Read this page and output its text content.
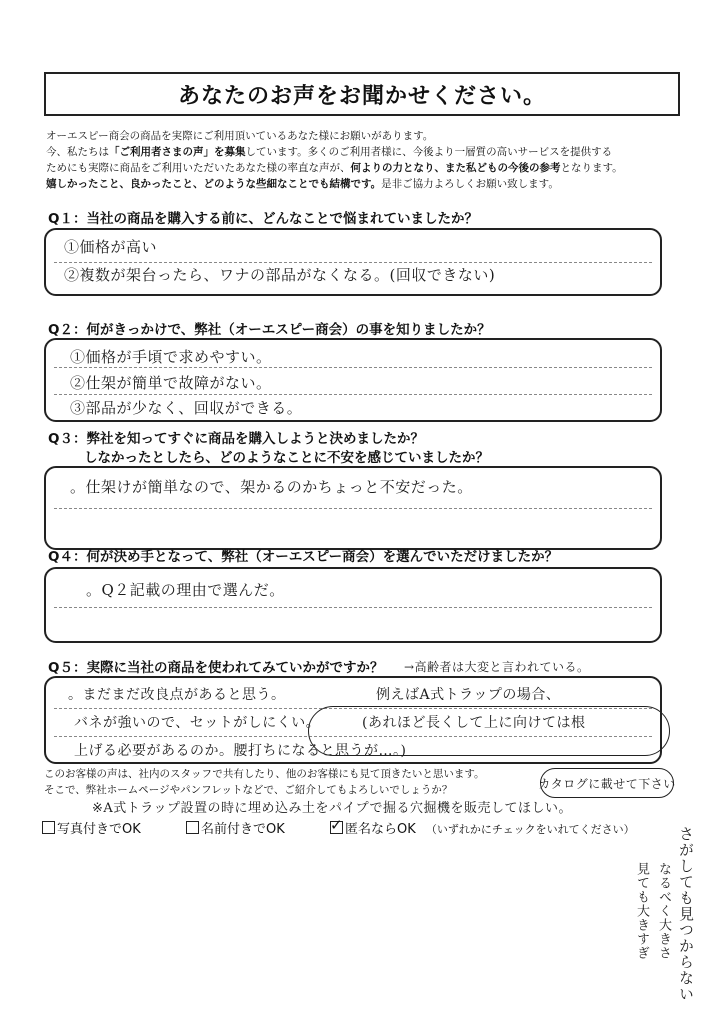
あなたのお声をお聞かせください。

オーエスピー商会の商品を実際にご利用頂いているあなた様にお願いがあります。

今、私たちは「ご利用者さまの声」を募集しています。多くのご利用者様に、今後より一層質の高いサービスを提供する

ためにも実際に商品をご利用いただいたあなた様の率直な声が、何よりの力となり、また私どもの今後の参考となります。

嬉しかったこと、良かったこと、どのような些細なことでも結構です。是非ご協力よろしくお願い致します。

Q１：当社の商品を購入する前に、どんなことで悩まれていましたか？
①価格が高い
②複数が架台ったら、ワナの部品がなくなる。(回収できない)
Q２：何がきっかけで、弊社（オーエスピー商会）の事を知りましたか？
①価格が手頃で求めやすい。
②仕架が簡単で故障がない。
③部品が少なく、回収ができる。
Q３：弊社を知ってすぐに商品を購入しようと決めましたか？
しなかったとしたら、どのようなことに不安を感じていましたか？
。仕架けが簡単なので、架かるのかちょっと不安だった。
Q４：何が決め手となって、弊社（オーエスピー商会）を選んでいただけましたか？
。Q２記載の理由で選んだ。
Q５：実際に当社の商品を使われてみていかがですか？ →高齢者は大変と言われている。
。まだまだ改良点があると思う。	例えばA式トラップの場合、
バネが強いので、セットがしにくい。	(あれほど長くして上に向けては根
上げる必要があるのか。腰打ちになると思うが…。)
このお客様の声は、社内のスタッフで共有したり、他のお客様にも見て頂きたいと思います。
そこで、弊社ホームページやパンフレットなどで、ご紹介してもよろしいでしょうか？	カタログに載せて下さい
※A式トラップ設置の時に埋め込み土をパイプで掘る穴掘機を販売してほしい。
写真付きでOK	名前付きでOK	✓ 匿名ならOK （いずれかにチェックをいれてください）	さがしても見つからない
なるべく大きさ
見ても大きすぎ
